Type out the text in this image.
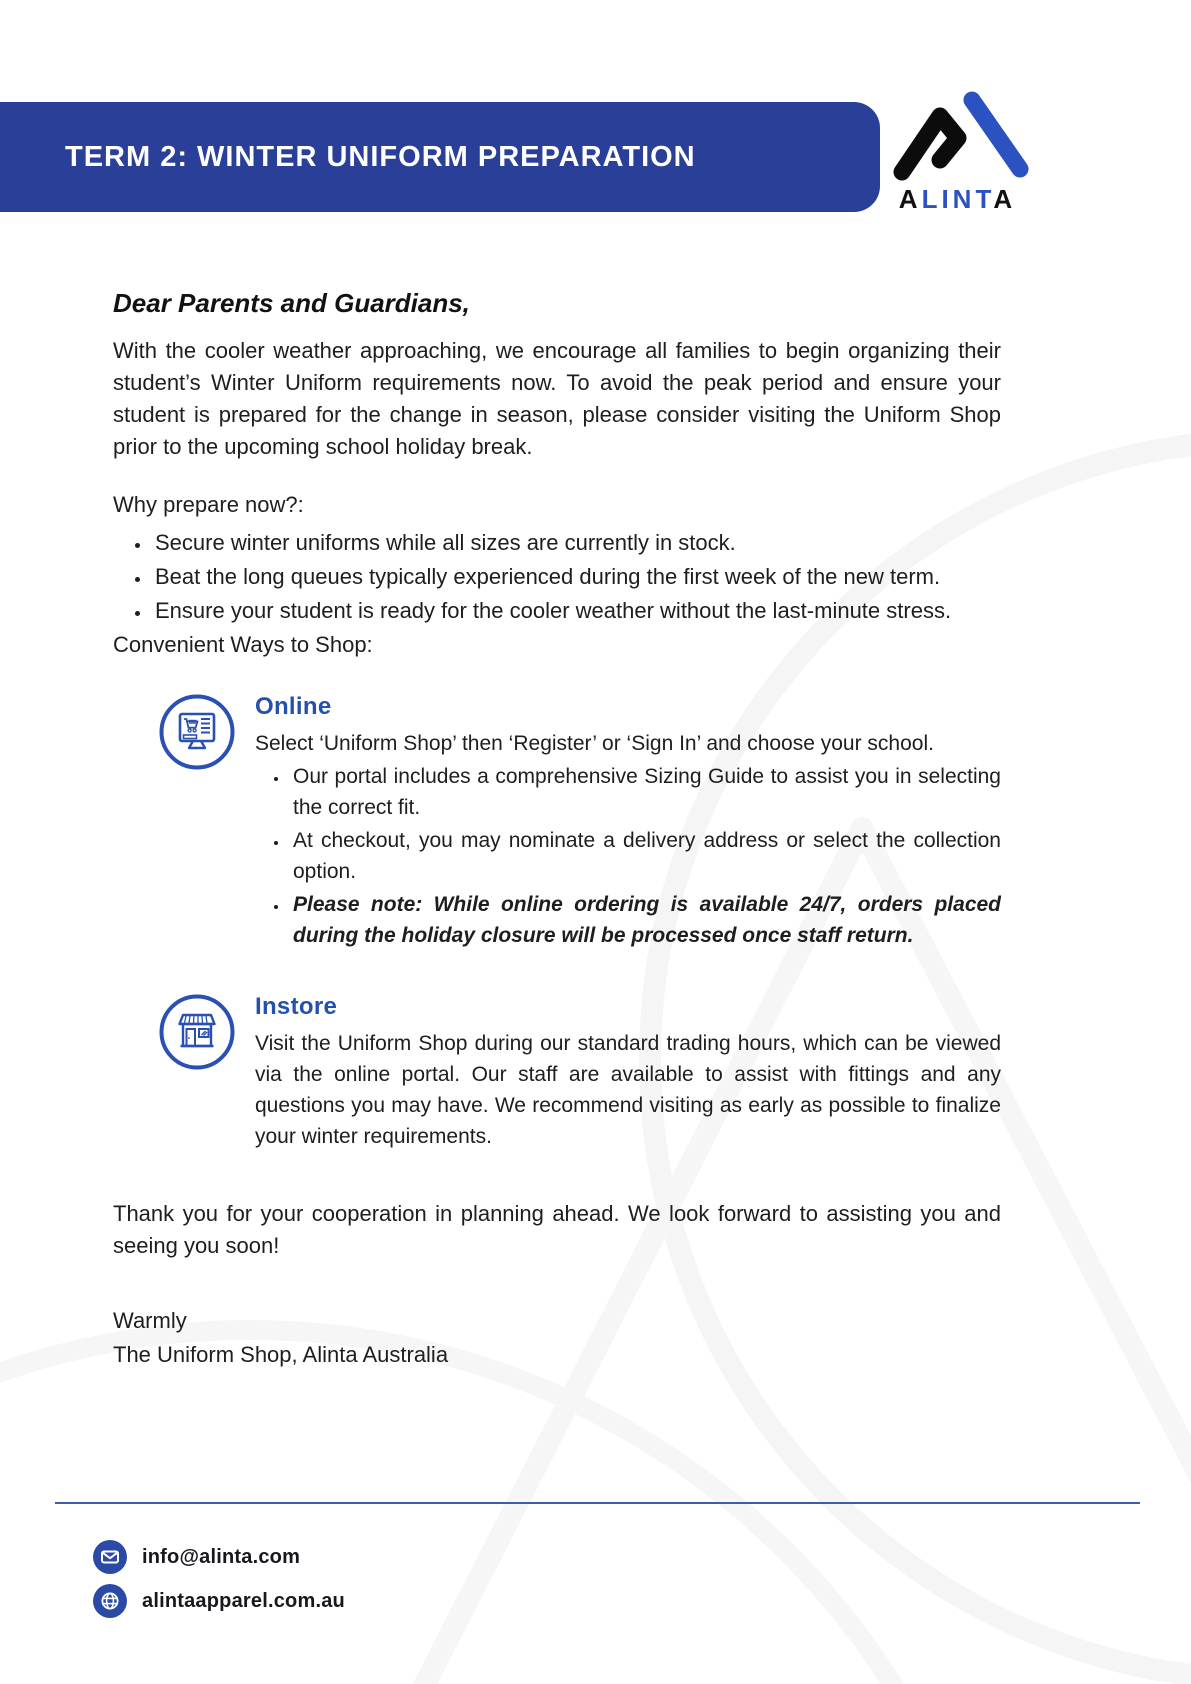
TERM 2: WINTER UNIFORM PREPARATION
ALINTA
Dear Parents and Guardians,

With the cooler weather approaching, we encourage all families to begin organizing their student’s Winter Uniform requirements now. To avoid the peak period and ensure your student is prepared for the change in season, please consider visiting the Uniform Shop prior to the upcoming school holiday break.

Why prepare now?:

• Secure winter uniforms while all sizes are currently in stock.
• Beat the long queues typically experienced during the first week of the new term.
• Ensure your student is ready for the cooler weather without the last-minute stress.

Convenient Ways to Shop:

Online

Select ‘Uniform Shop’ then ‘Register’ or ‘Sign In’ and choose your school.

• Our portal includes a comprehensive Sizing Guide to assist you in selecting the correct fit.
• At checkout, you may nominate a delivery address or select the collection option.
• Please note: While online ordering is available 24/7, orders placed during the holiday closure will be processed once staff return.
Instore

Visit the Uniform Shop during our standard trading hours, which can be viewed via the online portal. Our staff are available to assist with fittings and any questions you may have. We recommend visiting as early as possible to finalize your winter requirements.

Thank you for your cooperation in planning ahead. We look forward to assisting you and seeing you soon!

Warmly

The Uniform Shop, Alinta Australia

info@alinta.com
alintaapparel.com.au
